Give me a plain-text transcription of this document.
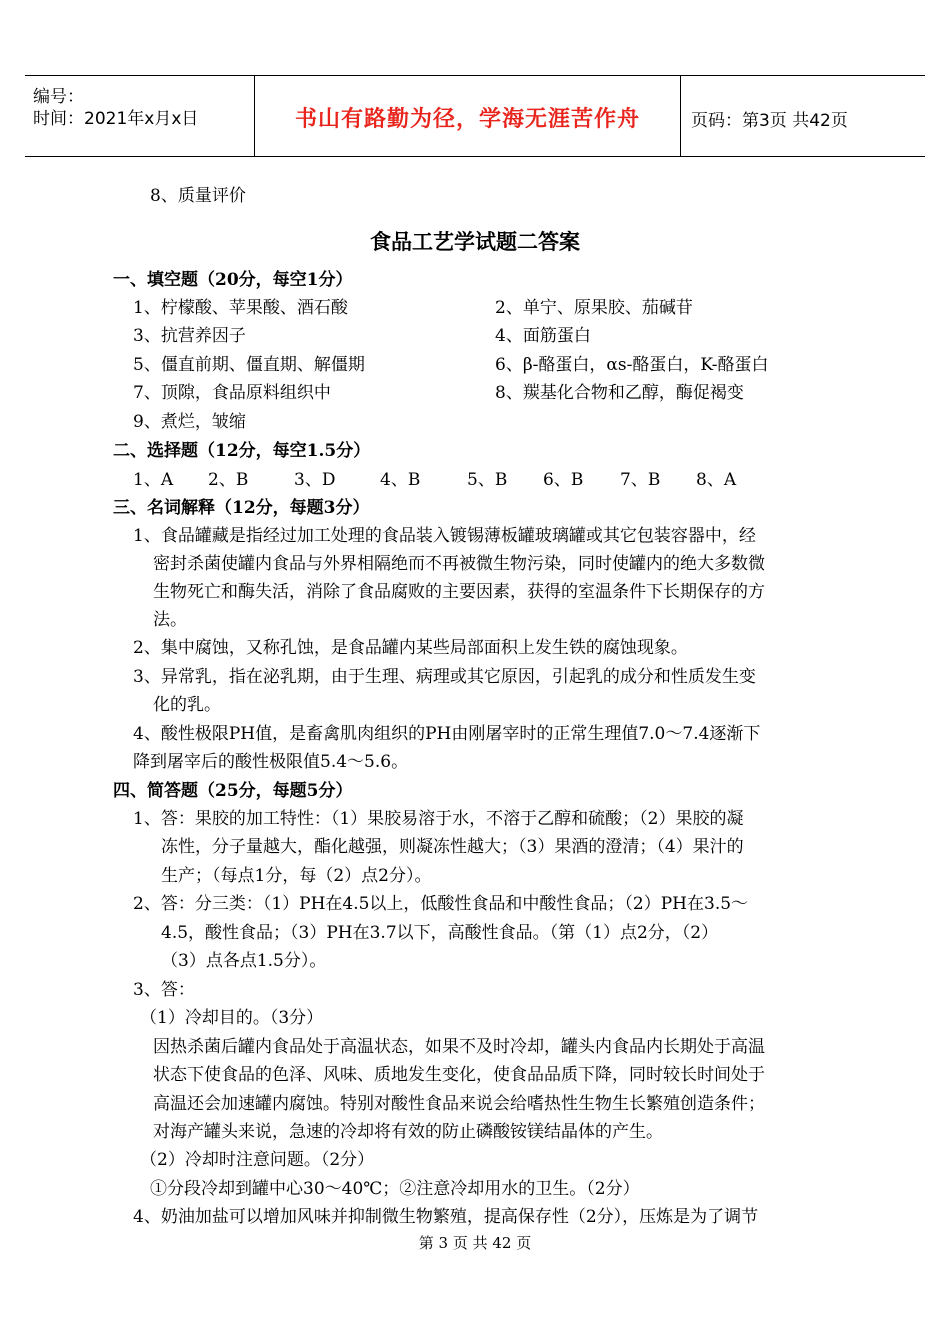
编号：
时间：2021年x月x日	书山有路勤为径，学海无涯苦作舟	页码：第3页 共42页
8、质量评价
食品工艺学试题二答案
一、填空题（20分，每空1分）
1、柠檬酸、苹果酸、酒石酸	2、单宁、原果胶、茄碱苷
3、抗营养因子	4、面筋蛋白
5、僵直前期、僵直期、解僵期	6、β-酪蛋白，αs-酪蛋白，K-酪蛋白
7、顶隙，食品原料组织中	8、羰基化合物和乙醇，酶促褐变
9、煮烂，皱缩
二、选择题（12分，每空1.5分）
1、A 2、B	3、D	4、B	5、B 6、B 7、B 8、A
三、名词解释（12分，每题3分）
1、食品罐藏是指经过加工处理的食品装入镀锡薄板罐玻璃罐或其它包装容器中，经
密封杀菌使罐内食品与外界相隔绝而不再被微生物污染，同时使罐内的绝大多数微
生物死亡和酶失活，消除了食品腐败的主要因素，获得的室温条件下长期保存的方
法。
2、集中腐蚀，又称孔蚀，是食品罐内某些局部面积上发生铁的腐蚀现象。
3、异常乳，指在泌乳期，由于生理、病理或其它原因，引起乳的成分和性质发生变
化的乳。
4、酸性极限PH值，是畜禽肌肉组织的PH由刚屠宰时的正常生理值7.0～7.4逐渐下
降到屠宰后的酸性极限值5.4～5.6。
四、简答题（25分，每题5分）
1、答：果胶的加工特性：（1）果胶易溶于水，不溶于乙醇和硫酸；（2）果胶的凝
冻性，分子量越大，酯化越强，则凝冻性越大；（3）果酒的澄清；（4）果汁的
生产；（每点1分，每（2）点2分）。
2、答：分三类：（1）PH在4.5以上，低酸性食品和中酸性食品；（2）PH在3.5～
4.5，酸性食品；（3）PH在3.7以下，高酸性食品。（第（1）点2分，（2）
（3）点各点1.5分）。
3、答：
（1）冷却目的。（3分）
因热杀菌后罐内食品处于高温状态，如果不及时冷却，罐头内食品内长期处于高温
状态下使食品的色泽、风味、质地发生变化，使食品品质下降，同时较长时间处于
高温还会加速罐内腐蚀。特别对酸性食品来说会给嗜热性生物生长繁殖创造条件；
对海产罐头来说，急速的冷却将有效的防止磷酸铵镁结晶体的产生。
（2）冷却时注意问题。（2分）
①分段冷却到罐中心30～40℃；②注意冷却用水的卫生。（2分）
4、奶油加盐可以增加风味并抑制微生物繁殖，提高保存性（2分），压炼是为了调节
第 3 页 共 42 页
